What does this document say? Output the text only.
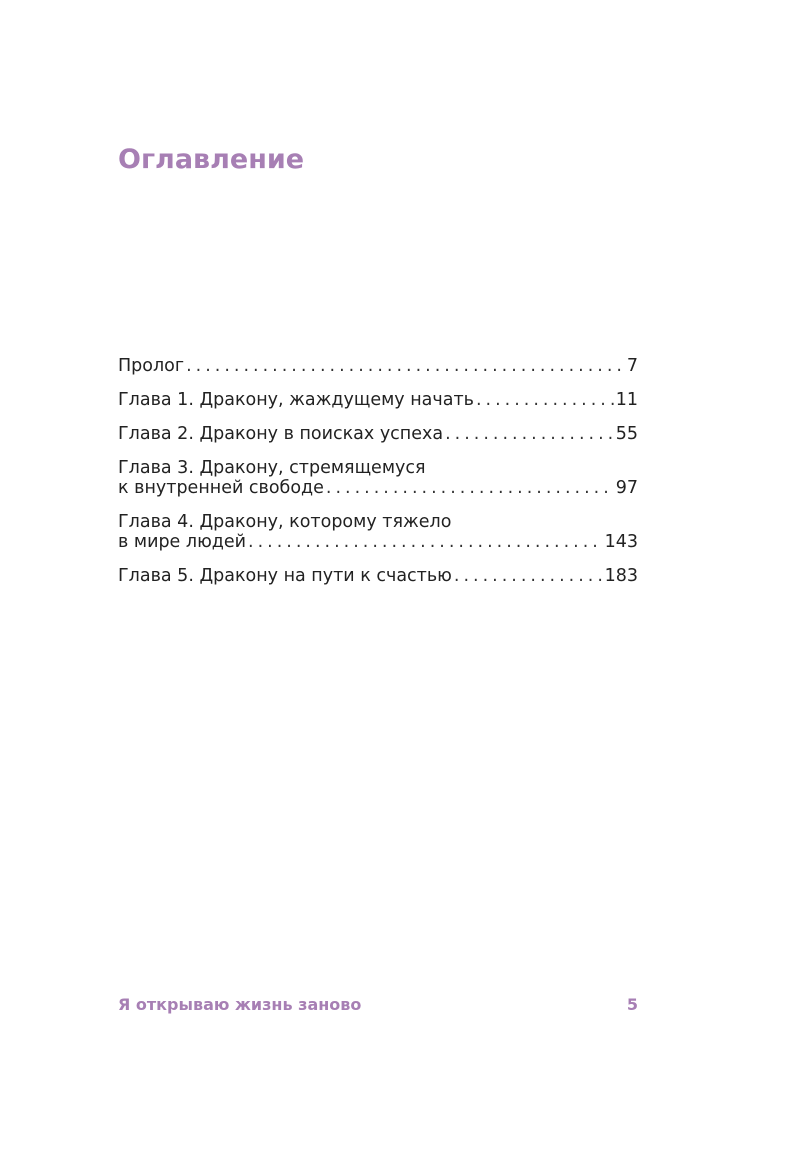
Оглавление
Пролог .....	7
Глава 1. Дракону, жаждущему начать .....	11
Глава 2. Дракону в поисках успеха .....	55
Глава 3. Дракону, стремящемуся
к внутренней свободе .....	97
Глава 4. Дракону, которому тяжело
в мире людей .....	143
Глава 5. Дракону на пути к счастью .....	183
Я открываю жизнь заново	5
